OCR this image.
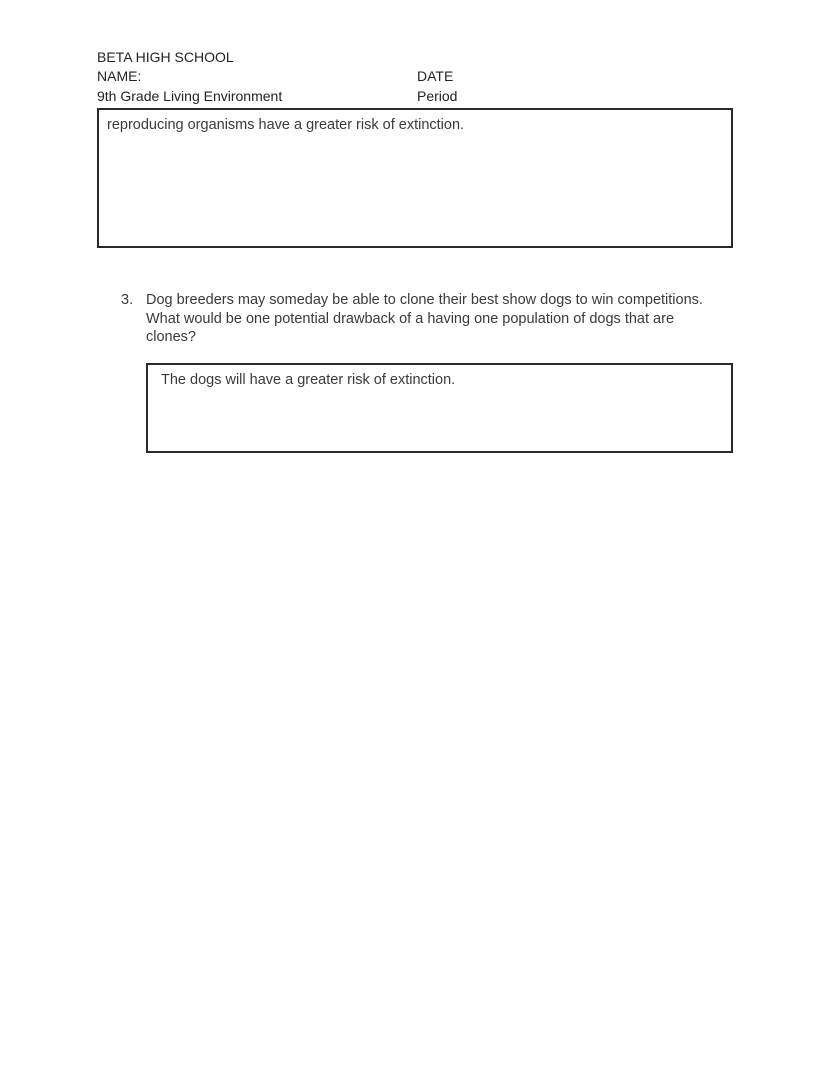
BETA HIGH SCHOOL
NAME:	DATE
9th Grade Living Environment	Period
reproducing organisms have a greater risk of extinction.
3. Dog breeders may someday be able to clone their best show dogs to win competitions. What would be one potential drawback of a having one population of dogs that are clones?
The dogs will have a greater risk of extinction.
